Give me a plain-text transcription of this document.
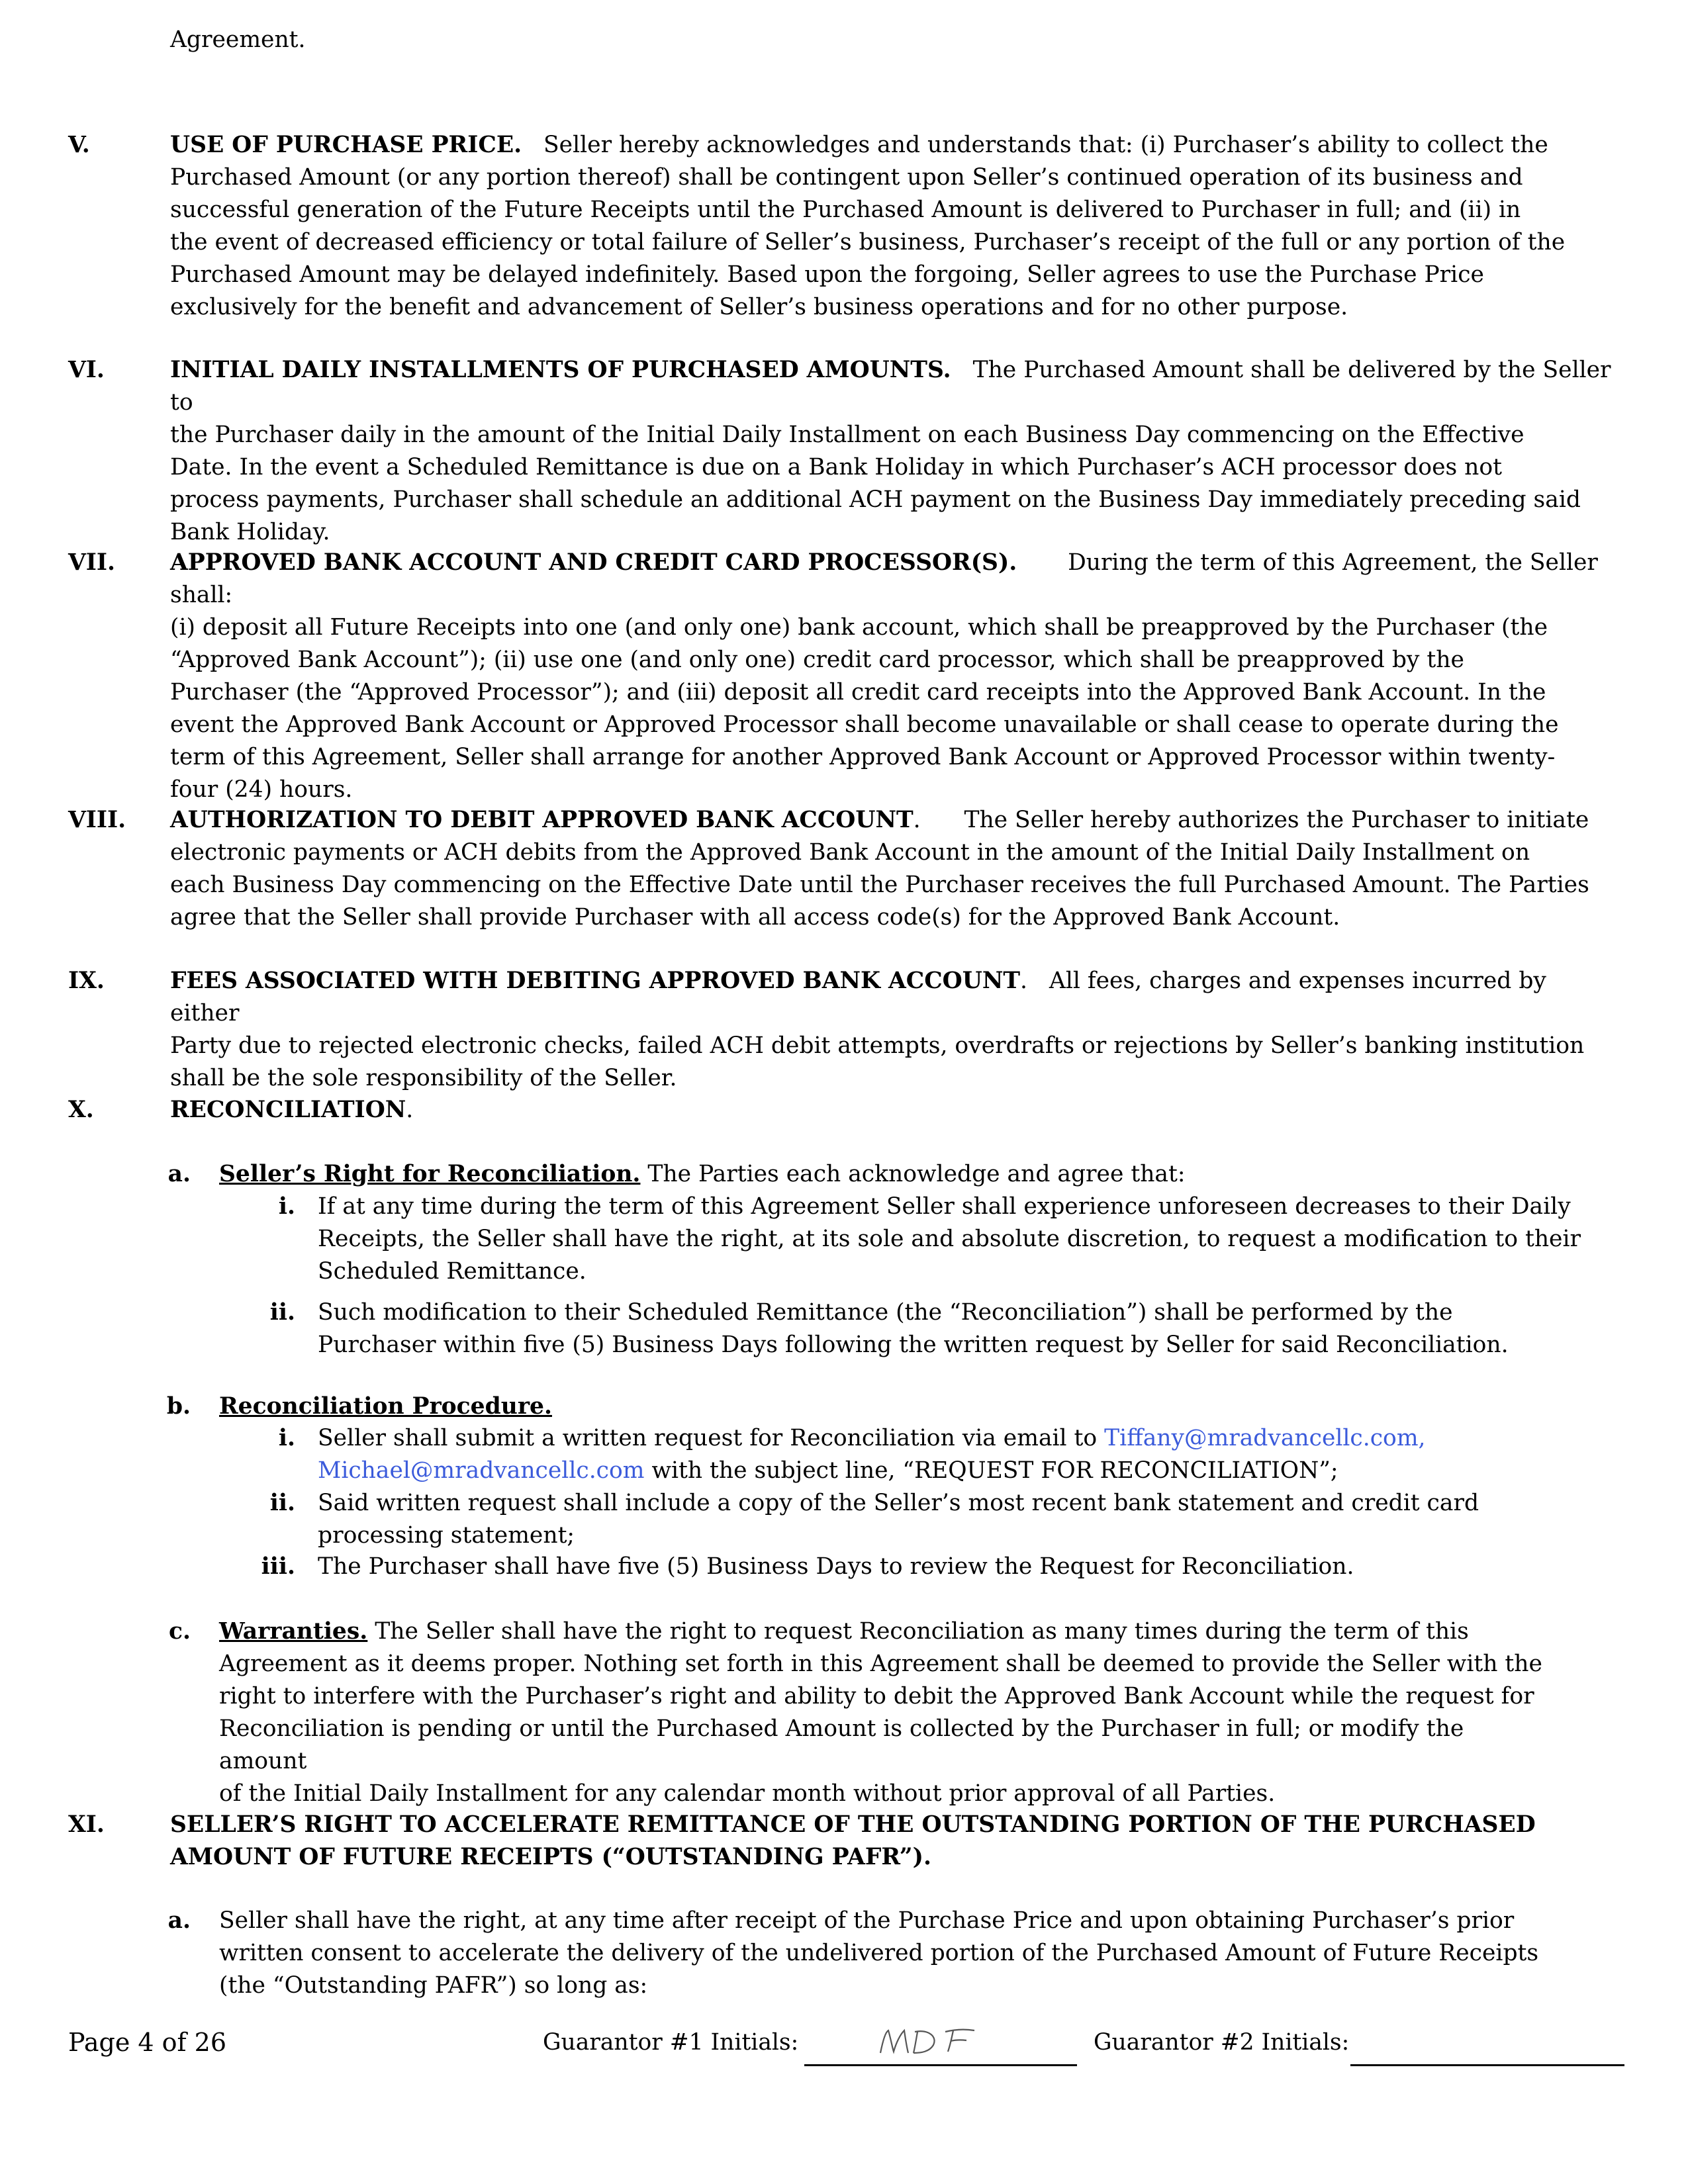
Agreement.

V.	USE OF PURCHASE PRICE. Seller hereby acknowledges and understands that: (i) Purchaser’s ability to collect the
Purchased Amount (or any portion thereof) shall be contingent upon Seller’s continued operation of its business and
successful generation of the Future Receipts until the Purchased Amount is delivered to Purchaser in full; and (ii) in
the event of decreased efficiency or total failure of Seller’s business, Purchaser’s receipt of the full or any portion of the
Purchased Amount may be delayed indefinitely. Based upon the forgoing, Seller agrees to use the Purchase Price
exclusively for the benefit and advancement of Seller’s business operations and for no other purpose.

VI.	INITIAL DAILY INSTALLMENTS OF PURCHASED AMOUNTS. The Purchased Amount shall be delivered by the Seller to
the Purchaser daily in the amount of the Initial Daily Installment on each Business Day commencing on the Effective
Date. In the event a Scheduled Remittance is due on a Bank Holiday in which Purchaser’s ACH processor does not
process payments, Purchaser shall schedule an additional ACH payment on the Business Day immediately preceding said
Bank Holiday.

VII. APPROVED BANK ACCOUNT AND CREDIT CARD PROCESSOR(S). During the term of this Agreement, the Seller shall:
(i) deposit all Future Receipts into one (and only one) bank account, which shall be preapproved by the Purchaser (the
“Approved Bank Account”); (ii) use one (and only one) credit card processor, which shall be preapproved by the
Purchaser (the “Approved Processor”); and (iii) deposit all credit card receipts into the Approved Bank Account. In the
event the Approved Bank Account or Approved Processor shall become unavailable or shall cease to operate during the
term of this Agreement, Seller shall arrange for another Approved Bank Account or Approved Processor within twenty-
four (24) hours.

VIII. AUTHORIZATION TO DEBIT APPROVED BANK ACCOUNT.      The Seller hereby authorizes the Purchaser to initiate
electronic payments or ACH debits from the Approved Bank Account in the amount of the Initial Daily Installment on
each Business Day commencing on the Effective Date until the Purchaser receives the full Purchased Amount. The Parties
agree that the Seller shall provide Purchaser with all access code(s) for the Approved Bank Account.

IX.	FEES ASSOCIATED WITH DEBITING APPROVED BANK ACCOUNT.   All fees, charges and expenses incurred by either
Party due to rejected electronic checks, failed ACH debit attempts, overdrafts or rejections by Seller’s banking institution
shall be the sole responsibility of the Seller.

X.	RECONCILIATION.

a. Seller’s Right for Reconciliation. The Parties each acknowledge and agree that:

i. If at any time during the term of this Agreement Seller shall experience unforeseen decreases to their Daily
Receipts, the Seller shall have the right, at its sole and absolute discretion, to request a modification to their
Scheduled Remittance.

ii. Such modification to their Scheduled Remittance (the “Reconciliation”) shall be performed by the
Purchaser within five (5) Business Days following the written request by Seller for said Reconciliation.

b. Reconciliation Procedure.

i. Seller shall submit a written request for Reconciliation via email to Tiffany@mradvancellc.com,
Michael@mradvancellc.com with the subject line, “REQUEST FOR RECONCILIATION”;

ii. Said written request shall include a copy of the Seller’s most recent bank statement and credit card
processing statement;

iii. The Purchaser shall have five (5) Business Days to review the Request for Reconciliation.

c. Warranties. The Seller shall have the right to request Reconciliation as many times during the term of this
Agreement as it deems proper. Nothing set forth in this Agreement shall be deemed to provide the Seller with the
right to interfere with the Purchaser’s right and ability to debit the Approved Bank Account while the request for
Reconciliation is pending or until the Purchased Amount is collected by the Purchaser in full; or modify the amount
of the Initial Daily Installment for any calendar month without prior approval of all Parties.

XI.	SELLER’S RIGHT TO ACCELERATE REMITTANCE OF THE OUTSTANDING PORTION OF THE PURCHASED
AMOUNT OF FUTURE RECEIPTS (“OUTSTANDING PAFR”).

a. Seller shall have the right, at any time after receipt of the Purchase Price and upon obtaining Purchaser’s prior
written consent to accelerate the delivery of the undelivered portion of the Purchased Amount of Future Receipts
(the “Outstanding PAFR”) so long as:

Page 4 of 26	Guarantor #1 Initials:	Guarantor #2 Initials:
